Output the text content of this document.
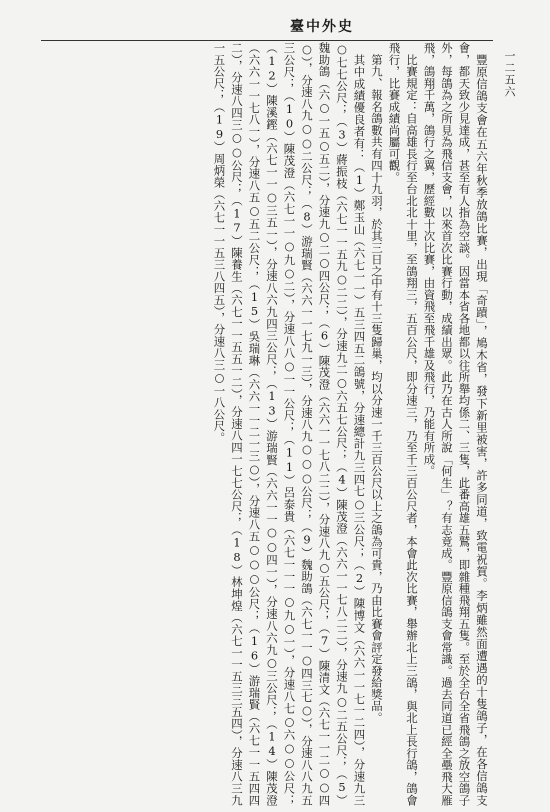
臺中外史
一二五六

豐原信鴿支會在五六年秋季放鴿比賽，出現「奇蹟」，鳩木省，發下新里被害，許多同道，致電祝賀。李炳雖然面遭遇的十隻鴿子，在各信鴿支會，都天致少見達成，甚至有人指為空談。因當本省各地都以往所舉均係二、三隻，此番高雄五鷲，即雜種飛翔五隻。至於全台全省飛鴿之放空鴿子外，每鴿為之所見為飛信支會，以來首次比賽行動，成績出眾。此乃在古人所說「何生」？有志竟成。豐原信鴿支會常識。過去同道已經全壘飛大雁飛，鴿翔千萬，鴿行之翼，歷經數十次比賽，由資飛至飛千雄及飛行，乃能有所成。

比賽規定：自高雄長行至台北北十里，至鴿翔三，五百公尺，即分速三，乃至千三百公尺者，本會此次比賽，舉辦北上三鴿，與北上長行鴿，鴿會飛行，比賽成績尚屬可觀。

第九、報名鴿數共有四十九羽，於其三日之中有十三隻歸巢，均以分速一千三百公尺以上之鴿為可貴，乃由比賽會評定發給獎品。

其中成績優良者有：（1）鄭玉山（六七一一）五三四五二鴿號，分速總計九三四七○三公尺；（2）陳博文（六六一一七一二四），分速九三○七七公尺；（3）蔣振枝（六七一一五九○二二），分速九二○六五七公尺；（4）陳茂澄（六六一一七八二二），分速九○二五公尺；（5）魏助鴿（六○一五○五二），分速九○二○四公尺；（6）陳茂澄（六六一一七八二二），分速八九○五公尺；（7）陳清文（六七一一二○○四○），分速八九○○二公尺；（8）游瑞賢（六六一一七九一三），分速八九○○○公尺；（9）魏助鴿（六七一一○四三七○），分速八八九五三公尺；（10）陳茂澄（六七一一○九○二），分速八八○一一公尺；（11）呂泰貴（六七一一一○九○一），分速八七○六○○公尺；（12）陳溪鏗（六七一一○三五一），分速八六九四三公尺；（13）游瑞賢（六六一一○○四一），分速八六九○三公尺；（14）陳茂澄（六六一一七八一），分速八五○五二公尺；（15）吳瑞琳（六六一一二一三○），分速八五○○○公尺；（16）游瑞賢（六七一一五四四二），分速八四三○○公尺；（17）陳養生（六七一一五五一二），分速八四一七七公尺；（18）林坤煌（六七一一五三三五四），分速八三九一五公尺；（19）周炳榮（六七一一五三八四五），分速八三○一八公尺。
